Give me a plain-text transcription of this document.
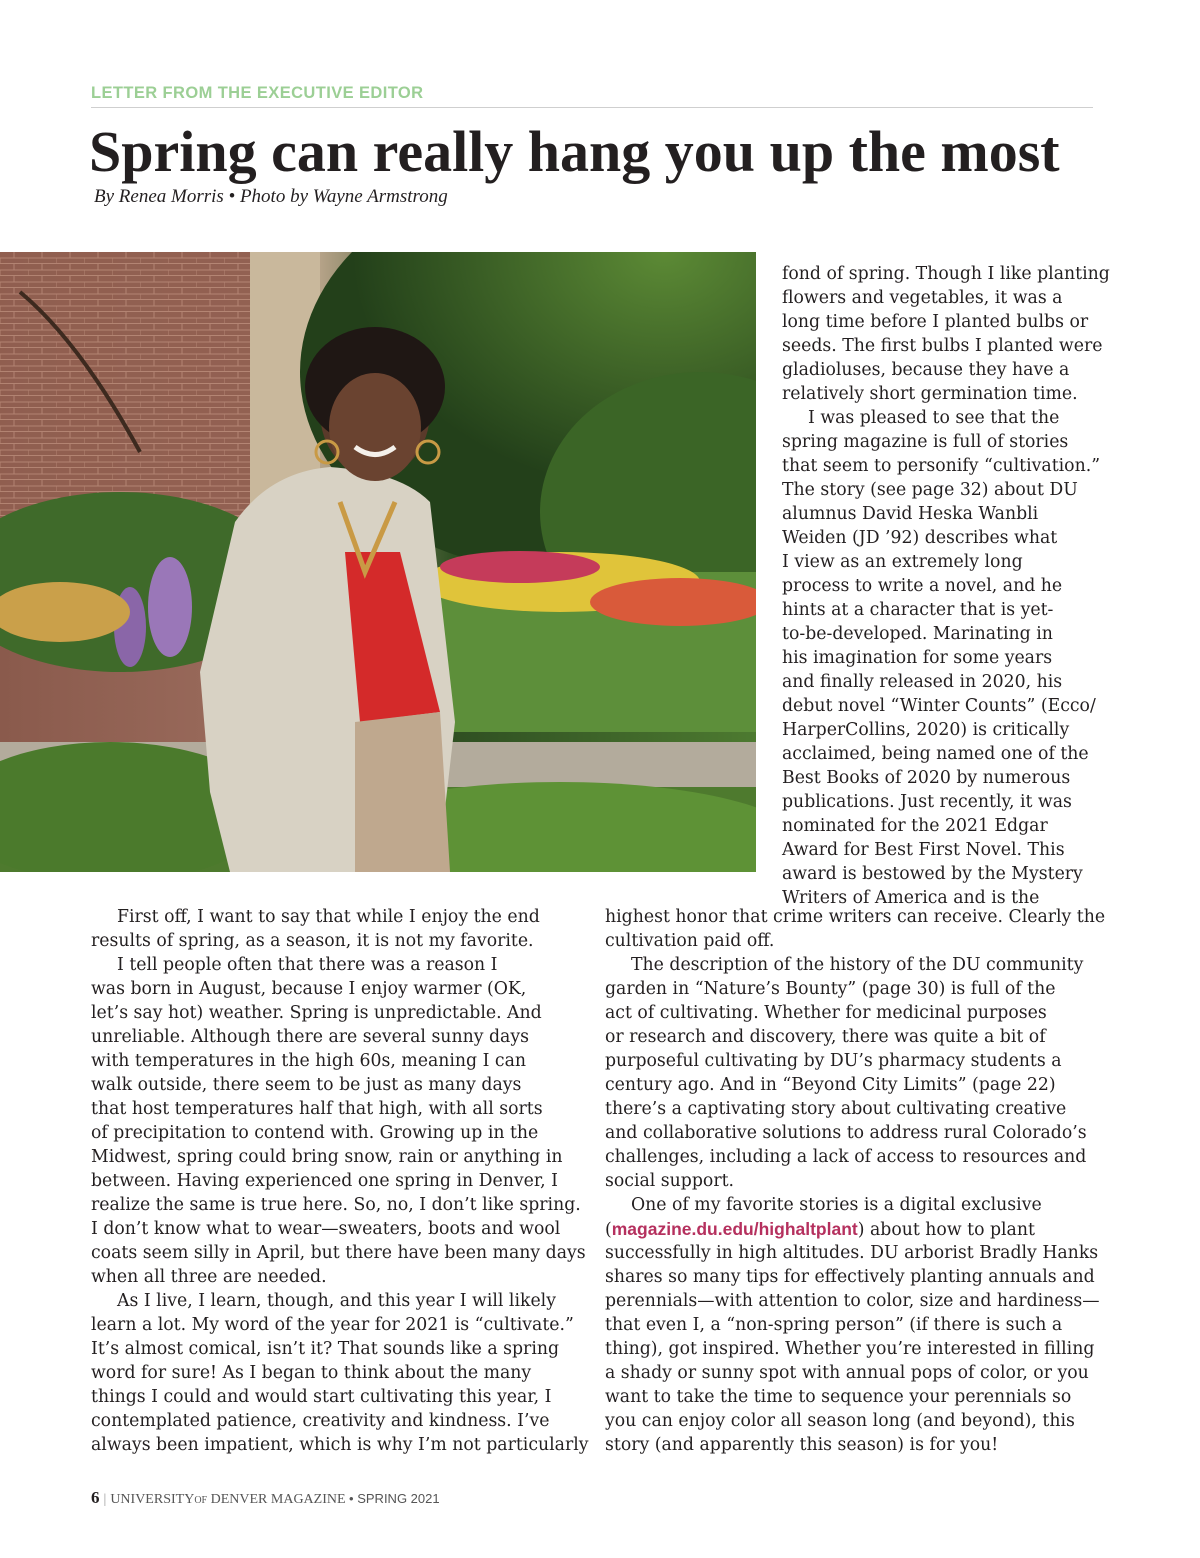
LETTER FROM THE EXECUTIVE EDITOR
Spring can really hang you up the most
By Renea Morris • Photo by Wayne Armstrong
fond of spring. Though I like planting
flowers and vegetables, it was a
long time before I planted bulbs or
seeds. The first bulbs I planted were
gladioluses, because they have a
relatively short germination time.
I was pleased to see that the
spring magazine is full of stories
that seem to personify “cultivation.”
The story (see page 32) about DU
alumnus David Heska Wanbli
Weiden (JD ’92) describes what
I view as an extremely long
process to write a novel, and he
hints at a character that is yet-
to-be-developed. Marinating in
his imagination for some years
and finally released in 2020, his
debut novel “Winter Counts” (Ecco/
HarperCollins, 2020) is critically
acclaimed, being named one of the
Best Books of 2020 by numerous
publications. Just recently, it was
nominated for the 2021 Edgar
Award for Best First Novel. This
award is bestowed by the Mystery
Writers of America and is the
highest honor that crime writers can receive. Clearly the
cultivation paid off.
The description of the history of the DU community
garden in “Nature’s Bounty” (page 30) is full of the
act of cultivating. Whether for medicinal purposes
or research and discovery, there was quite a bit of
purposeful cultivating by DU’s pharmacy students a
century ago. And in “Beyond City Limits” (page 22)
there’s a captivating story about cultivating creative
and collaborative solutions to address rural Colorado’s
challenges, including a lack of access to resources and
social support.
One of my favorite stories is a digital exclusive
(magazine.du.edu/highaltplant) about how to plant
successfully in high altitudes. DU arborist Bradly Hanks
shares so many tips for effectively planting annuals and
perennials—with attention to color, size and hardiness—
that even I, a “non-spring person” (if there is such a
thing), got inspired. Whether you’re interested in filling
a shady or sunny spot with annual pops of color, or you
want to take the time to sequence your perennials so
you can enjoy color all season long (and beyond), this
story (and apparently this season) is for you!
First off, I want to say that while I enjoy the end
results of spring, as a season, it is not my favorite.
I tell people often that there was a reason I
was born in August, because I enjoy warmer (OK,
let’s say hot) weather. Spring is unpredictable. And
unreliable. Although there are several sunny days
with temperatures in the high 60s, meaning I can
walk outside, there seem to be just as many days
that host temperatures half that high, with all sorts
of precipitation to contend with. Growing up in the
Midwest, spring could bring snow, rain or anything in
between. Having experienced one spring in Denver, I
realize the same is true here. So, no, I don’t like spring.
I don’t know what to wear—sweaters, boots and wool
coats seem silly in April, but there have been many days
when all three are needed.
As I live, I learn, though, and this year I will likely
learn a lot. My word of the year for 2021 is “cultivate.”
It’s almost comical, isn’t it? That sounds like a spring
word for sure! As I began to think about the many
things I could and would start cultivating this year, I
contemplated patience, creativity and kindness. I’ve
always been impatient, which is why I’m not particularly
6 | UNIVERSITYOF DENVER MAGAZINE • SPRING 2021
